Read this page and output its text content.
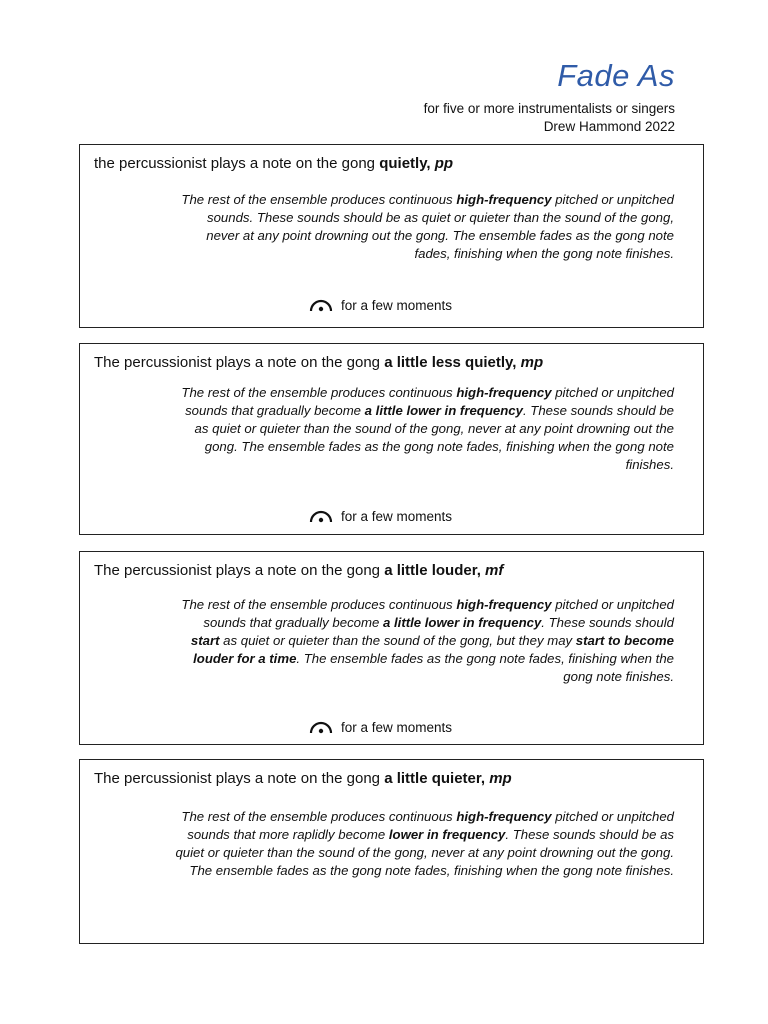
Fade As
for five or more instrumentalists or singers
Drew Hammond 2022
the percussionist plays a note on the gong quietly, pp
The rest of the ensemble produces continuous high-frequency pitched or unpitched sounds. These sounds should be as quiet or quieter than the sound of the gong, never at any point drowning out the gong. The ensemble fades as the gong note fades, finishing when the gong note finishes.
for a few moments
The percussionist plays a note on the gong a little less quietly, mp
The rest of the ensemble produces continuous high-frequency pitched or unpitched sounds that gradually become a little lower in frequency. These sounds should be as quiet or quieter than the sound of the gong, never at any point drowning out the gong. The ensemble fades as the gong note fades, finishing when the gong note finishes.
for a few moments
The percussionist plays a note on the gong a little louder, mf
The rest of the ensemble produces continuous high-frequency pitched or unpitched sounds that gradually become a little lower in frequency. These sounds should start as quiet or quieter than the sound of the gong, but they may start to become louder for a time. The ensemble fades as the gong note fades, finishing when the gong note finishes.
for a few moments
The percussionist plays a note on the gong a little quieter, mp
The rest of the ensemble produces continuous high-frequency pitched or unpitched sounds that more raplidly become lower in frequency. These sounds should be as quiet or quieter than the sound of the gong, never at any point drowning out the gong. The ensemble fades as the gong note fades, finishing when the gong note finishes.
